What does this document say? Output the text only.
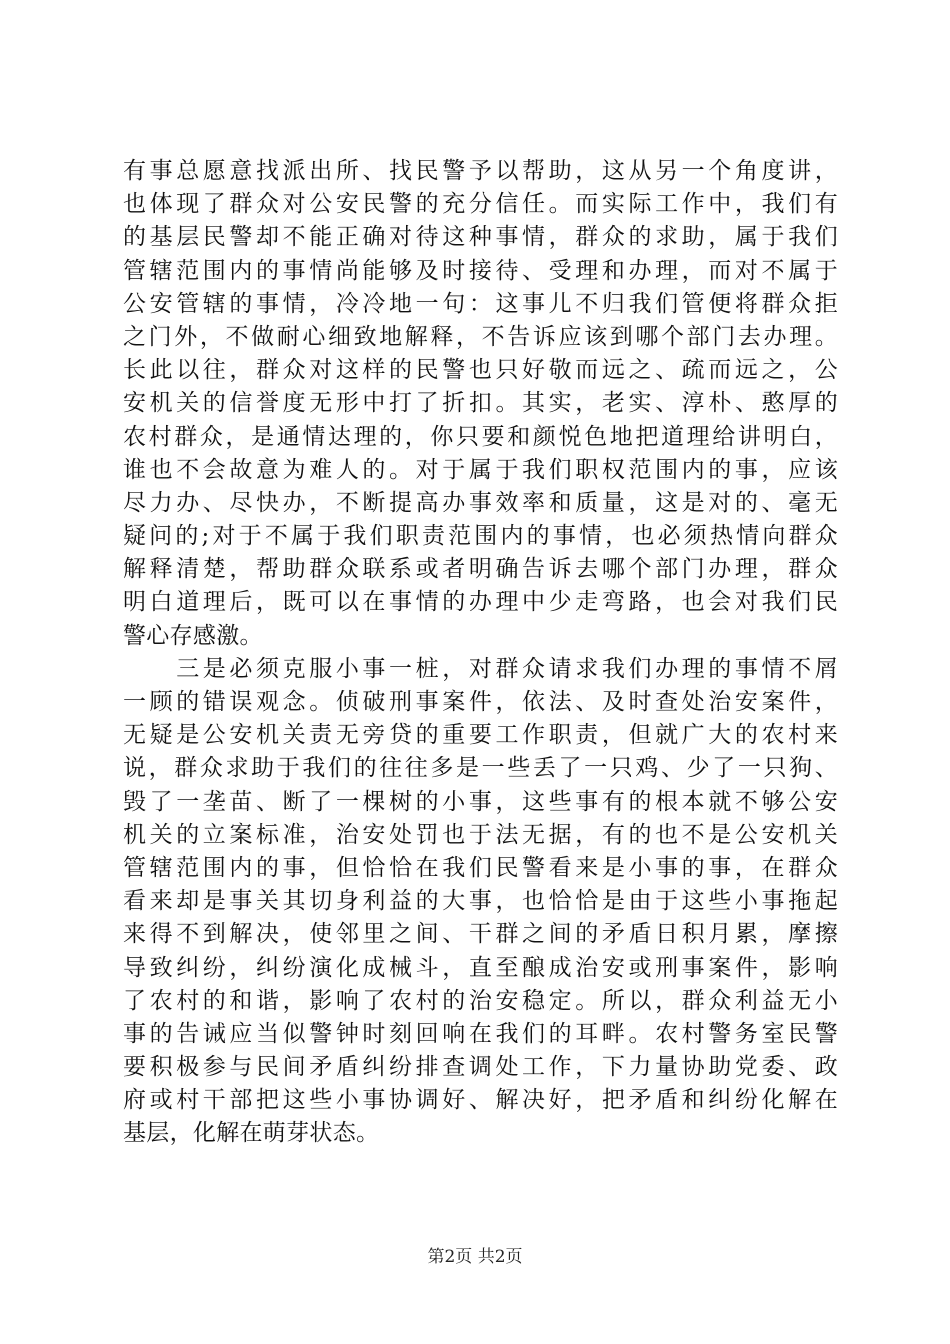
有事总愿意找派出所、找民警予以帮助，这从另一个角度讲，
也体现了群众对公安民警的充分信任。而实际工作中，我们有
的基层民警却不能正确对待这种事情，群众的求助，属于我们
管辖范围内的事情尚能够及时接待、受理和办理，而对不属于
公安管辖的事情，冷冷地一句：这事儿不归我们管便将群众拒
之门外，不做耐心细致地解释，不告诉应该到哪个部门去办理。
长此以往，群众对这样的民警也只好敬而远之、疏而远之，公
安机关的信誉度无形中打了折扣。其实，老实、淳朴、憨厚的
农村群众，是通情达理的，你只要和颜悦色地把道理给讲明白，
谁也不会故意为难人的。对于属于我们职权范围内的事，应该
尽力办、尽快办，不断提高办事效率和质量，这是对的、毫无
疑问的;对于不属于我们职责范围内的事情，也必须热情向群众
解释清楚，帮助群众联系或者明确告诉去哪个部门办理，群众
明白道理后，既可以在事情的办理中少走弯路，也会对我们民
警心存感激。
　　三是必须克服小事一桩，对群众请求我们办理的事情不屑
一顾的错误观念。侦破刑事案件，依法、及时查处治安案件，
无疑是公安机关责无旁贷的重要工作职责，但就广大的农村来
说，群众求助于我们的往往多是一些丢了一只鸡、少了一只狗、
毁了一垄苗、断了一棵树的小事，这些事有的根本就不够公安
机关的立案标准，治安处罚也于法无据，有的也不是公安机关
管辖范围内的事，但恰恰在我们民警看来是小事的事，在群众
看来却是事关其切身利益的大事，也恰恰是由于这些小事拖起
来得不到解决，使邻里之间、干群之间的矛盾日积月累，摩擦
导致纠纷，纠纷演化成械斗，直至酿成治安或刑事案件，影响
了农村的和谐，影响了农村的治安稳定。所以，群众利益无小
事的告诫应当似警钟时刻回响在我们的耳畔。农村警务室民警
要积极参与民间矛盾纠纷排查调处工作，下力量协助党委、政
府或村干部把这些小事协调好、解决好，把矛盾和纠纷化解在
基层，化解在萌芽状态。
第2页 共2页
